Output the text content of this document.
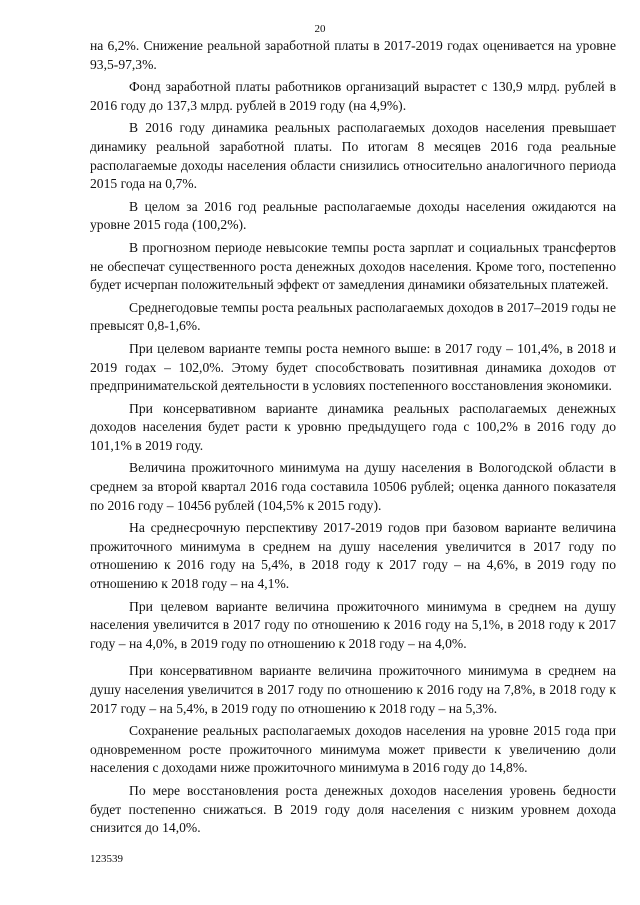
20

на 6,2%. Снижение реальной заработной платы в 2017-2019 годах оценивается на уровне 93,5-97,3%.

Фонд заработной платы работников организаций вырастет с 130,9 млрд. рублей в 2016 году до 137,3 млрд. рублей в 2019 году (на 4,9%).

В 2016 году динамика реальных располагаемых доходов населения превышает динамику реальной заработной платы. По итогам 8 месяцев 2016 года реальные располагаемые доходы населения области снизились относительно аналогичного периода 2015 года на 0,7%.

В целом за 2016 год реальные располагаемые доходы населения ожидаются на уровне 2015 года (100,2%).

В прогнозном периоде невысокие темпы роста зарплат и социальных трансфертов не обеспечат существенного роста денежных доходов населения. Кроме того, постепенно будет исчерпан положительный эффект от замедления динамики обязательных платежей.

Среднегодовые темпы роста реальных располагаемых доходов в 2017–2019 годы не превысят 0,8-1,6%.

При целевом варианте темпы роста немного выше: в 2017 году – 101,4%, в 2018 и 2019 годах – 102,0%. Этому будет способствовать позитивная динамика доходов от предпринимательской деятельности в условиях постепенного восстановления экономики.

При консервативном варианте динамика реальных располагаемых денежных доходов населения будет расти к уровню предыдущего года с 100,2% в 2016 году до 101,1% в 2019 году.

Величина прожиточного минимума на душу населения в Вологодской области в среднем за второй квартал 2016 года составила 10506 рублей; оценка данного показателя по 2016 году – 10456 рублей (104,5% к 2015 году).

На среднесрочную перспективу 2017-2019 годов при базовом варианте величина прожиточного минимума в среднем на душу населения увеличится в 2017 году по отношению к 2016 году на 5,4%, в 2018 году к 2017 году – на 4,6%, в 2019 году по отношению к 2018 году – на 4,1%.

При целевом варианте величина прожиточного минимума в среднем на душу населения увеличится в 2017 году по отношению к 2016 году на 5,1%, в 2018 году к 2017 году – на 4,0%, в 2019 году по отношению к 2018 году – на 4,0%.

При консервативном варианте величина прожиточного минимума в среднем на душу населения увеличится в 2017 году по отношению к 2016 году на 7,8%, в 2018 году к 2017 году – на 5,4%, в 2019 году по отношению к 2018 году – на 5,3%.

Сохранение реальных располагаемых доходов населения на уровне 2015 года при одновременном росте прожиточного минимума может привести к увеличению доли населения с доходами ниже прожиточного минимума в 2016 году до 14,8%.

По мере восстановления роста денежных доходов населения уровень бедности будет постепенно снижаться. В 2019 году доля населения с низким уровнем дохода снизится до 14,0%.

123539
